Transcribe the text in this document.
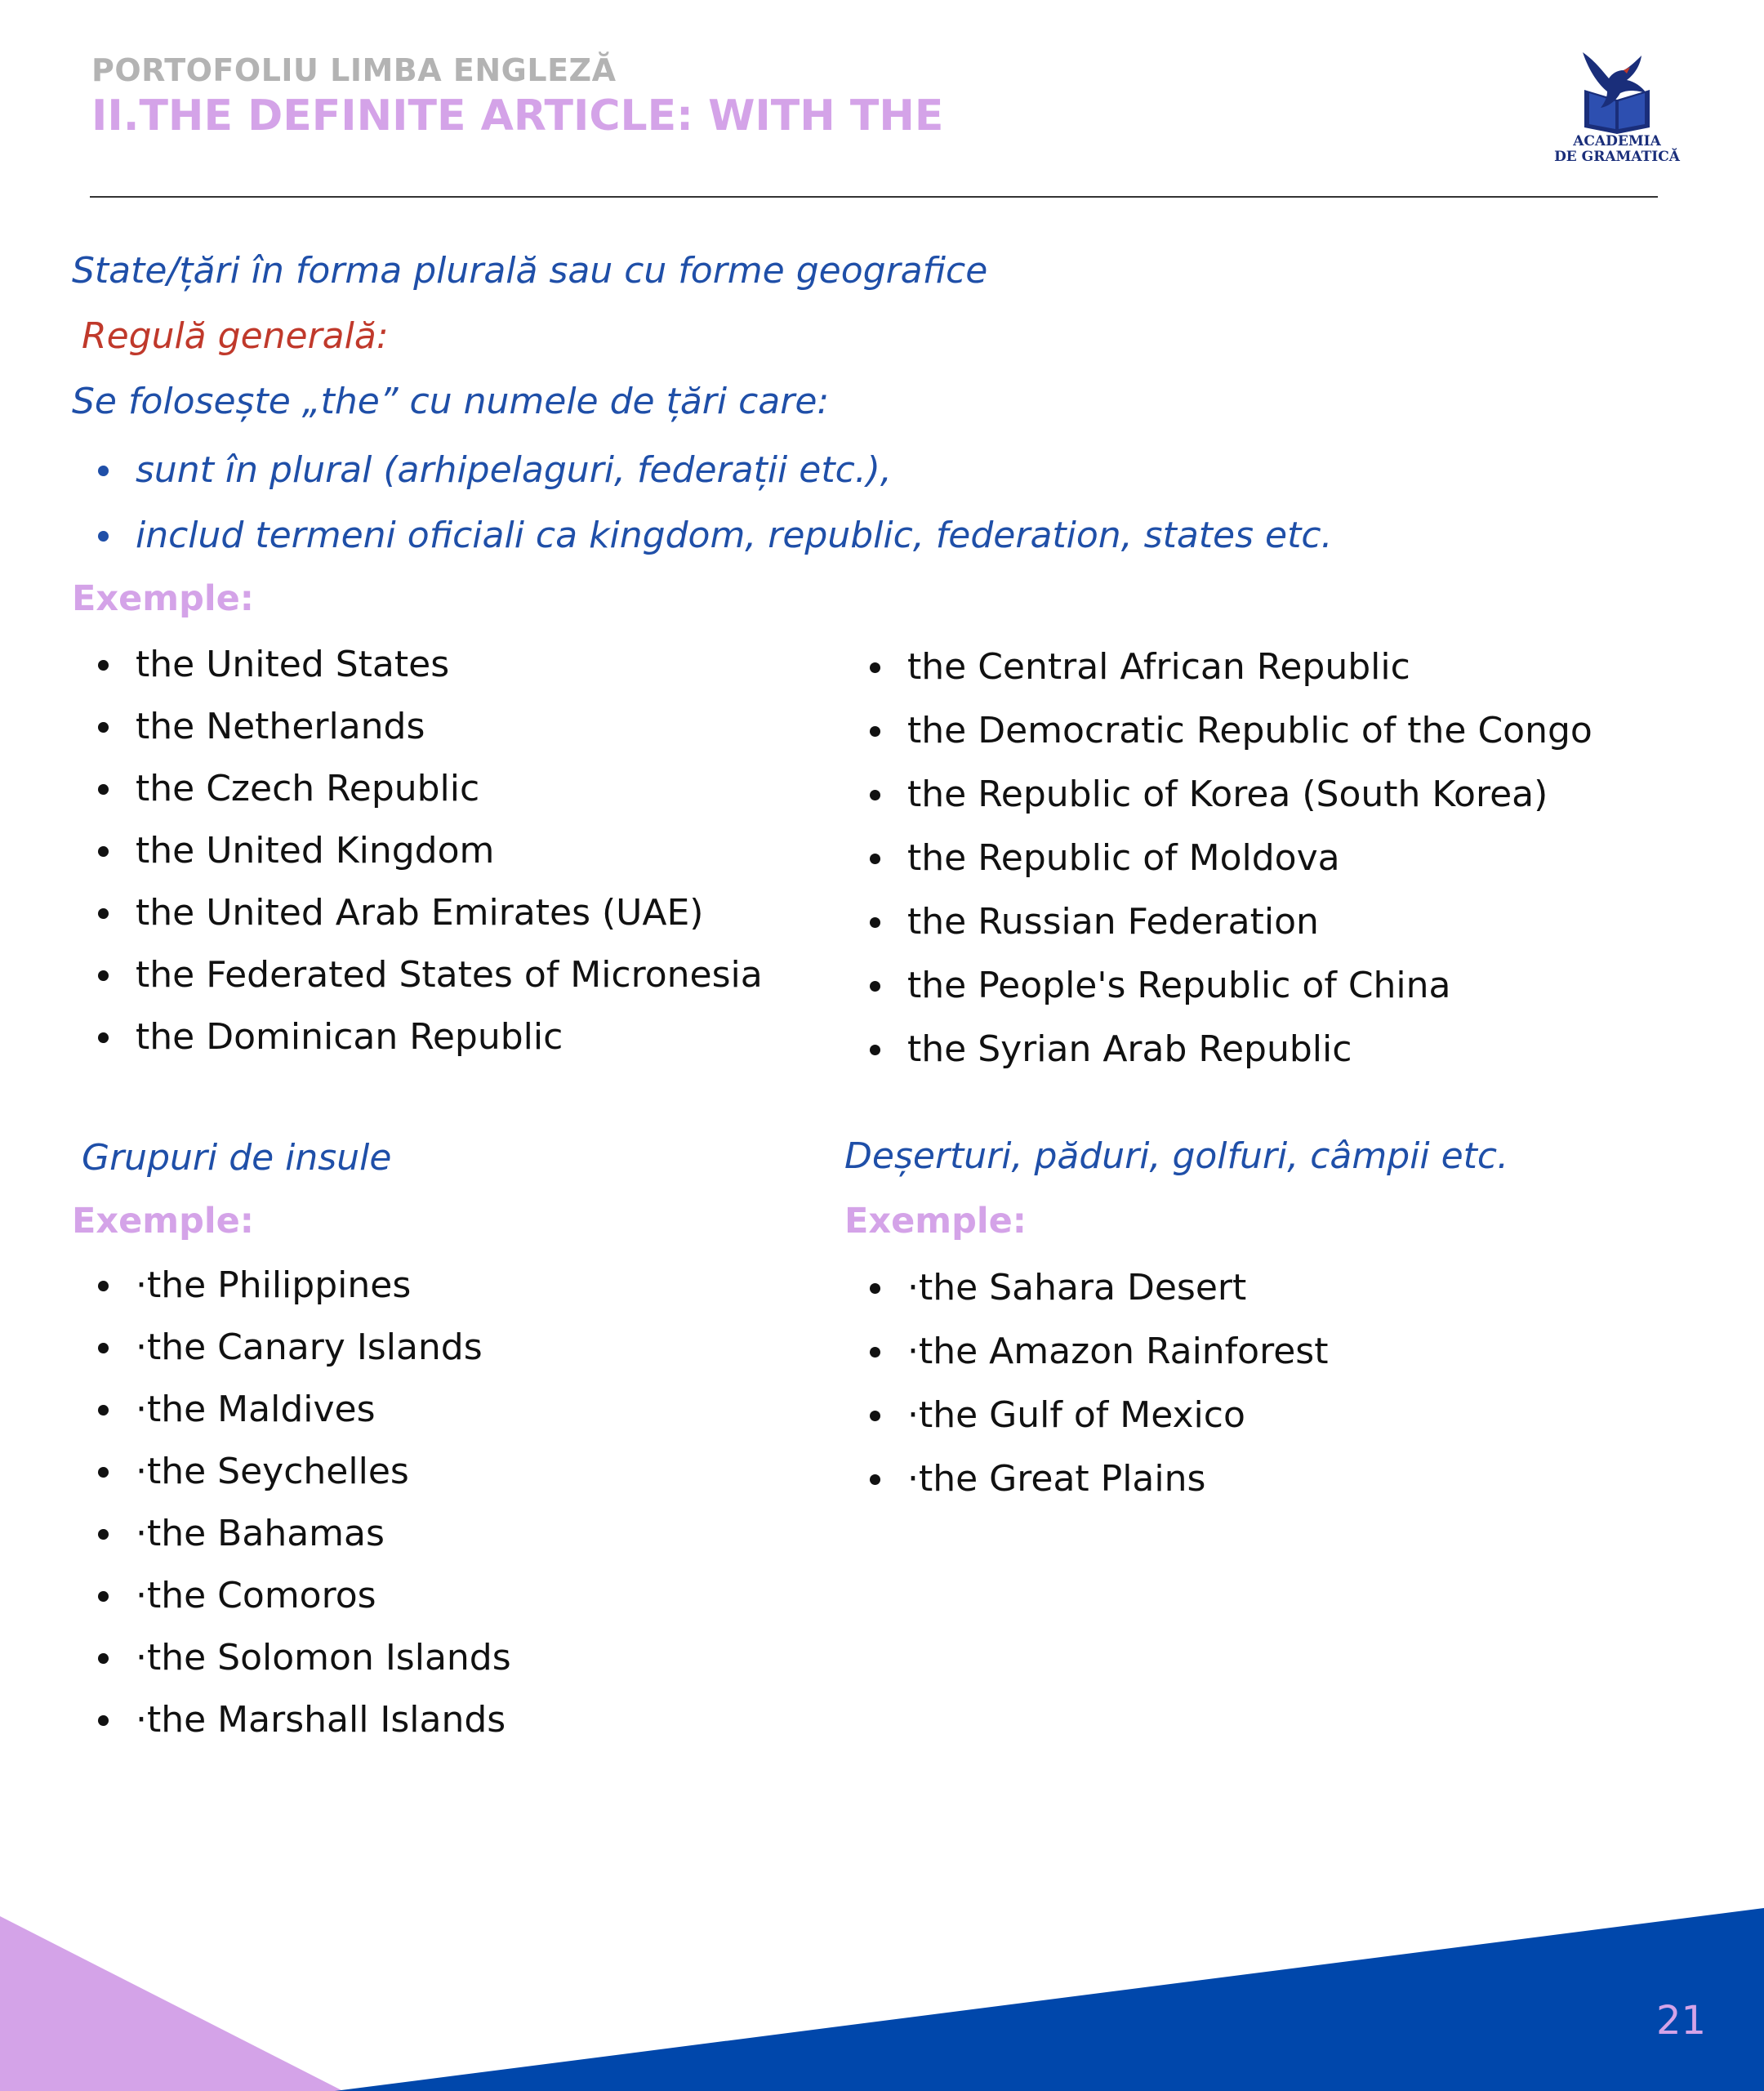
PORTOFOLIU LIMBA ENGLEZĂ
II.THE DEFINITE ARTICLE: WITH THE
ACADEMIA
DE GRAMATICĂ
State/țări în forma plurală sau cu forme geografice
Regulă generală:
Se folosește „the” cu numele de țări care:
sunt în plural (arhipelaguri, federații etc.),
includ termeni oficiali ca kingdom, republic, federation, states etc.
Exemple:
the United States
the Netherlands
the Czech Republic
the United Kingdom
the United Arab Emirates (UAE)
the Federated States of Micronesia
the Dominican Republic
the Central African Republic
the Democratic Republic of the Congo
the Republic of Korea (South Korea)
the Republic of Moldova
the Russian Federation
the People's Republic of China
the Syrian Arab Republic
Grupuri de insule
Exemple:
·the Philippines
·the Canary Islands
·the Maldives
·the Seychelles
·the Bahamas
·the Comoros
·the Solomon Islands
·the Marshall Islands
Deșerturi, păduri, golfuri, câmpii etc.
Exemple:
·the Sahara Desert
·the Amazon Rainforest
·the Gulf of Mexico
·the Great Plains
21
